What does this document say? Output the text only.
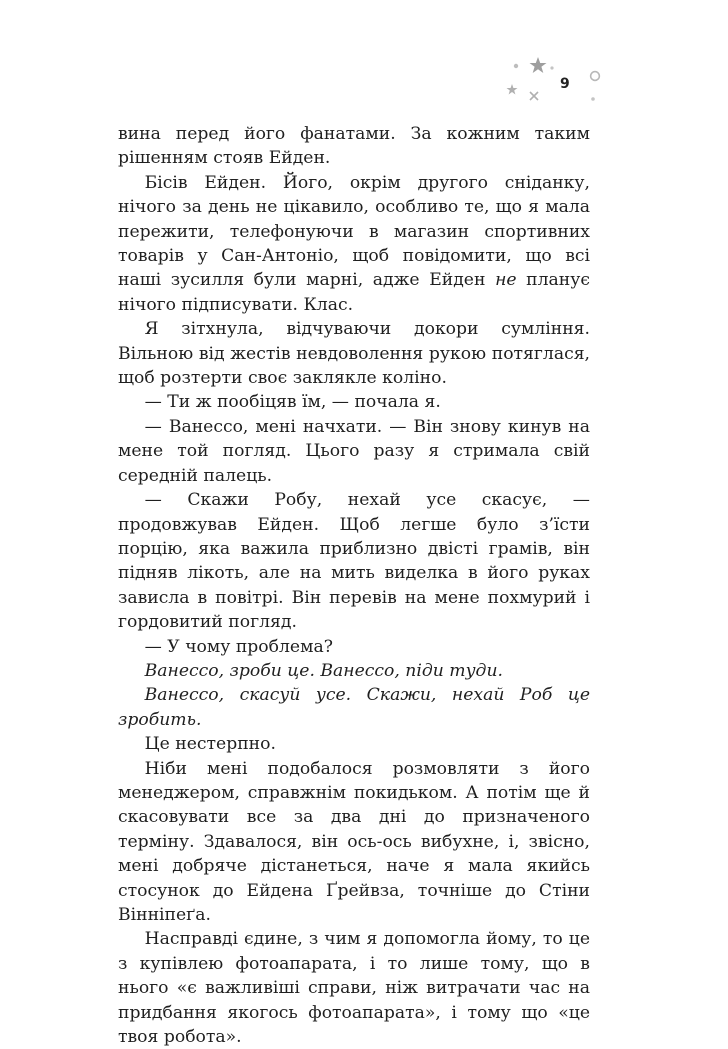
9

вина перед його фанатами. За кожним таким рішенням стояв Ейден.

Бісів Ейден. Його, окрім другого сніданку, нічого за день не цікавило, особливо те, що я мала пережити, телефонуючи в магазин спортивних товарів у Сан-Антоніо, щоб повідомити, що всі наші зусилля були марні, адже Ейден не планує нічого підписувати. Клас.

Я зітхнула, відчуваючи докори сумління. Вільною від жестів невдоволення рукою потяглася, щоб розтерти своє заклякле коліно.

— Ти ж пообіцяв їм, — почала я.

— Ванессо, мені начхати. — Він знову кинув на мене той погляд. Цього разу я стримала свій середній палець.

— Скажи Робу, нехай усе скасує, — продовжував Ейден. Щоб легше було з’їсти порцію, яка важила приблизно двісті грамів, він підняв лікоть, але на мить виделка в його руках зависла в повітрі. Він перевів на мене похмурий і гордовитий погляд.

— У чому проблема?

Ванессо, зроби це. Ванессо, піди туди.

Ванессо, скасуй усе. Скажи, нехай Роб це зробить.

Це нестерпно.

Ніби мені подобалося розмовляти з його менеджером, справжнім покидьком. А потім ще й скасовувати все за два дні до призначеного терміну. Здавалося, він ось-ось вибухне, і, звісно, мені добряче дістанеться, наче я мала якийсь стосунок до Ейдена Ґрейвза, точніше до Стіни Вінніпеґа.

Насправді єдине, з чим я допомогла йому, то це з купівлею фотоапарата, і то лише тому, що в нього «є важливіші справи, ніж витрачати час на придбання якогось фотоапарата», і тому що «це твоя робота».
